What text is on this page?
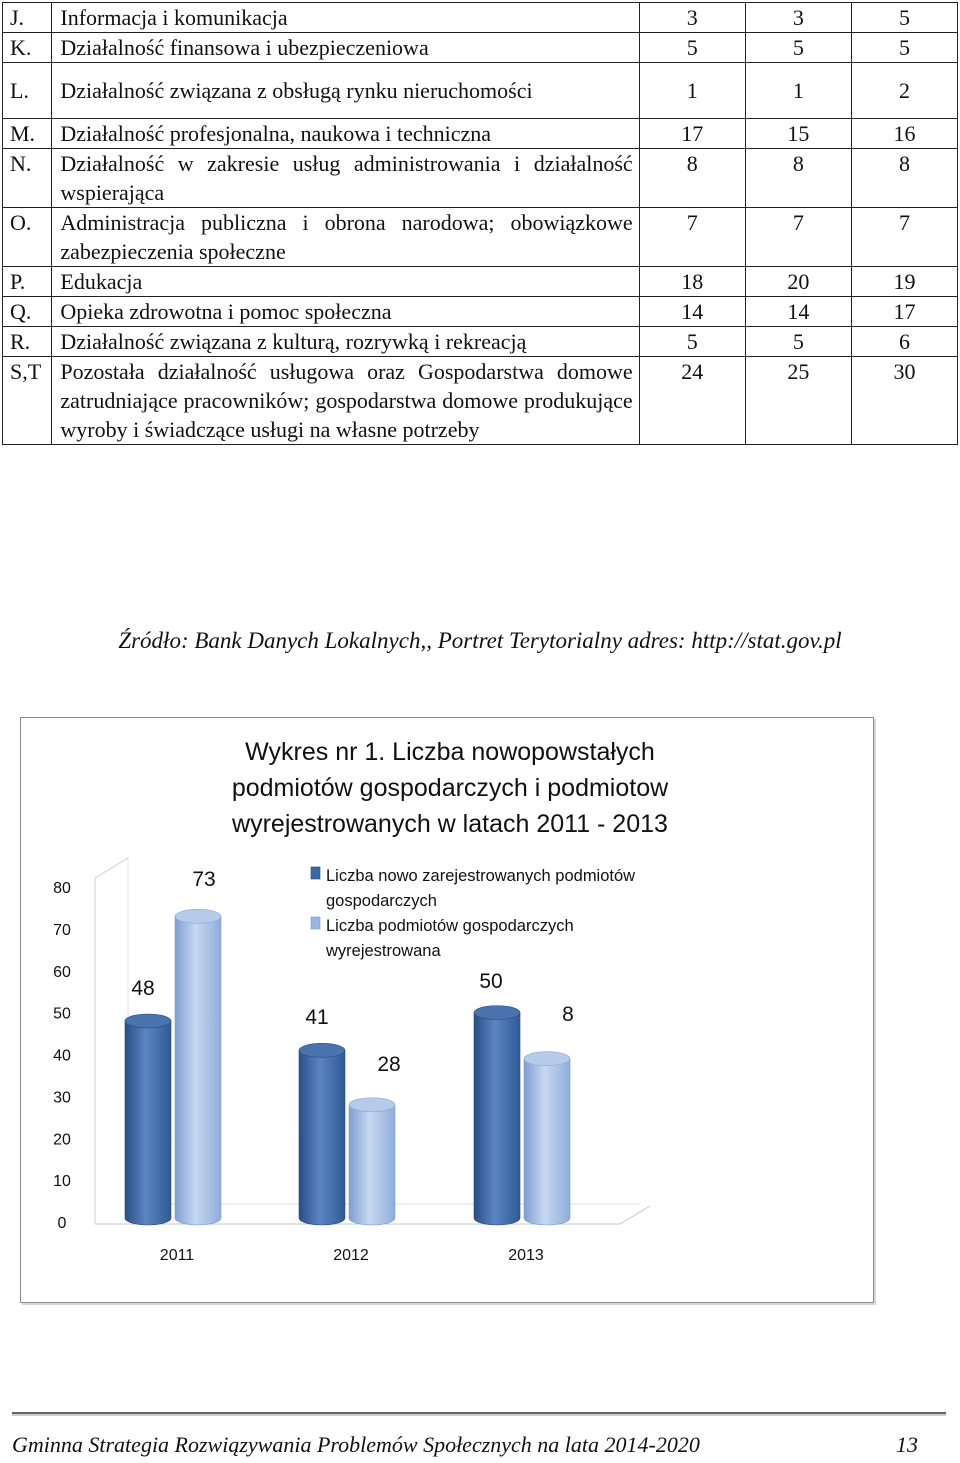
J.	Informacja i komunikacja	3	3	5
K.	Działalność finansowa i ubezpieczeniowa	5	5	5
L.	Działalność związana z obsługą rynku nieruchomości	1	1	2
M.	Działalność profesjonalna, naukowa i techniczna	17	15	16
N.	Działalność w zakresie usług administrowania i działalność wspierająca	8	8	8
O.	Administracja publiczna i obrona narodowa; obowiązkowe zabezpieczenia społeczne	7	7	7
P.	Edukacja	18	20	19
Q.	Opieka zdrowotna i pomoc społeczna	14	14	17
R.	Działalność związana z kulturą, rozrywką i rekreacją	5	5	6
S,T	Pozostała działalność usługowa oraz Gospodarstwa domowe zatrudniające pracowników; gospodarstwa domowe produkujące wyroby i świadczące usługi na własne potrzeby	24	25	30
Źródło: Bank Danych Lokalnych,, Portret Terytorialny adres: http://stat.gov.pl
Wykres nr 1. Liczba nowopowstałych
podmiotów gospodarczych i podmiotow
wyrejestrowanych w latach 2011 - 2013
0
10
20
30
40
50
60
70
80
2011	2012	2013
48
41
50
73
28
8
Liczba nowo zarejestrowanych podmiotów
gospodarczych
Liczba podmiotów gospodarczych
wyrejestrowana
Gminna Strategia Rozwiązywania Problemów Społecznych na lata 2014-2020	13
